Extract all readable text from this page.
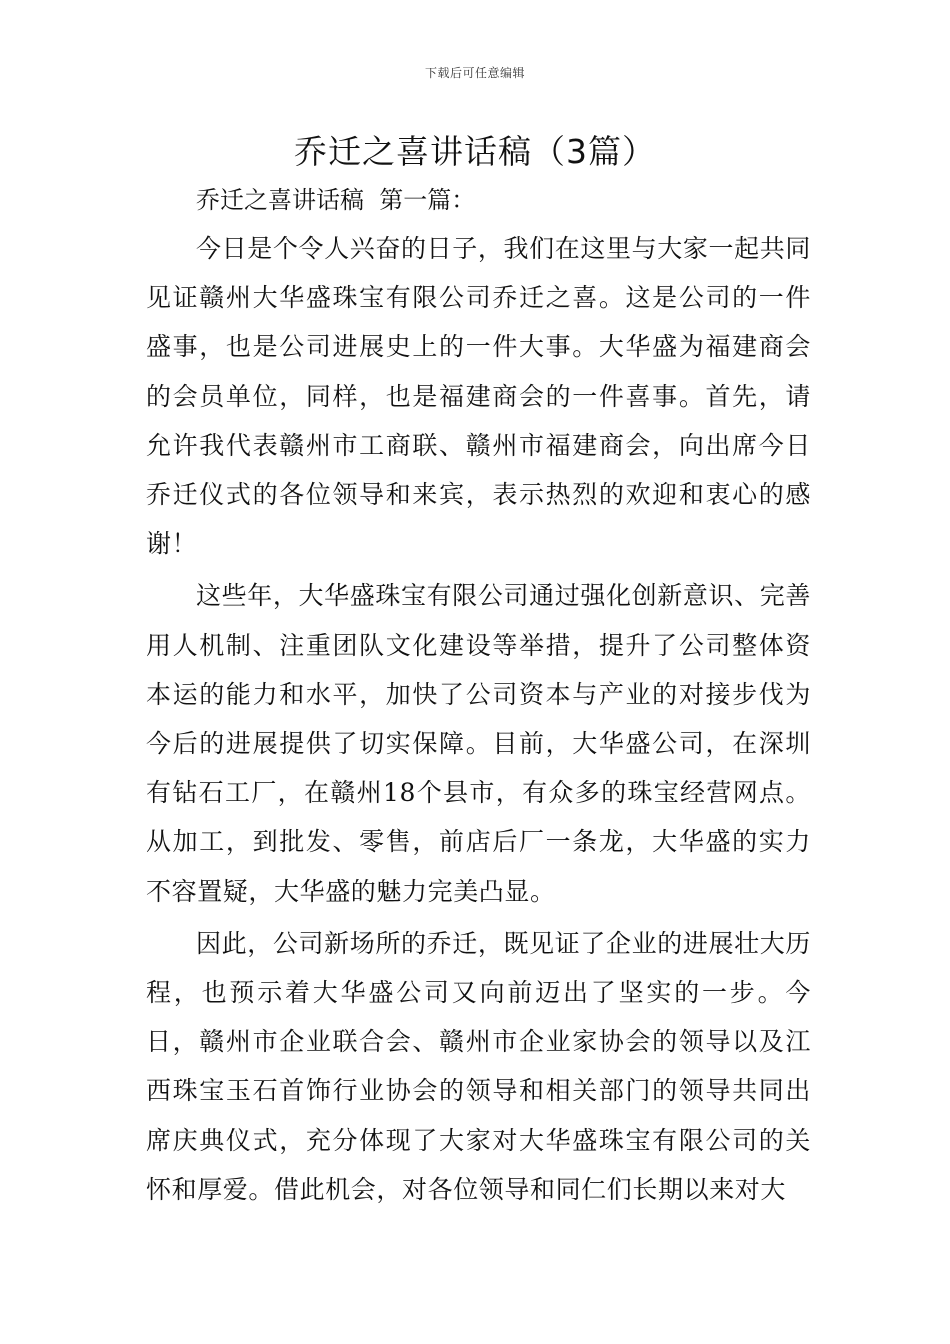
下载后可任意编辑
乔迁之喜讲话稿（3篇）
乔迁之喜讲话稿  第一篇：

今日是个令人兴奋的日子，我们在这里与大家一起共同见证赣州大华盛珠宝有限公司乔迁之喜。这是公司的一件盛事，也是公司进展史上的一件大事。大华盛为福建商会的会员单位，同样，也是福建商会的一件喜事。首先，请允许我代表赣州市工商联、赣州市福建商会，向出席今日乔迁仪式的各位领导和来宾，表示热烈的欢迎和衷心的感谢！

这些年，大华盛珠宝有限公司通过强化创新意识、完善用人机制、注重团队文化建设等举措，提升了公司整体资本运的能力和水平，加快了公司资本与产业的对接步伐为今后的进展提供了切实保障。目前，大华盛公司，在深圳有钻石工厂，在赣州18个县市，有众多的珠宝经营网点。从加工，到批发、零售，前店后厂一条龙，大华盛的实力不容置疑，大华盛的魅力完美凸显。

因此，公司新场所的乔迁，既见证了企业的进展壮大历程，也预示着大华盛公司又向前迈出了坚实的一步。今日，赣州市企业联合会、赣州市企业家协会的领导以及江西珠宝玉石首饰行业协会的领导和相关部门的领导共同出席庆典仪式，充分体现了大家对大华盛珠宝有限公司的关怀和厚爱。借此机会，对各位领导和同仁们长期以来对大
